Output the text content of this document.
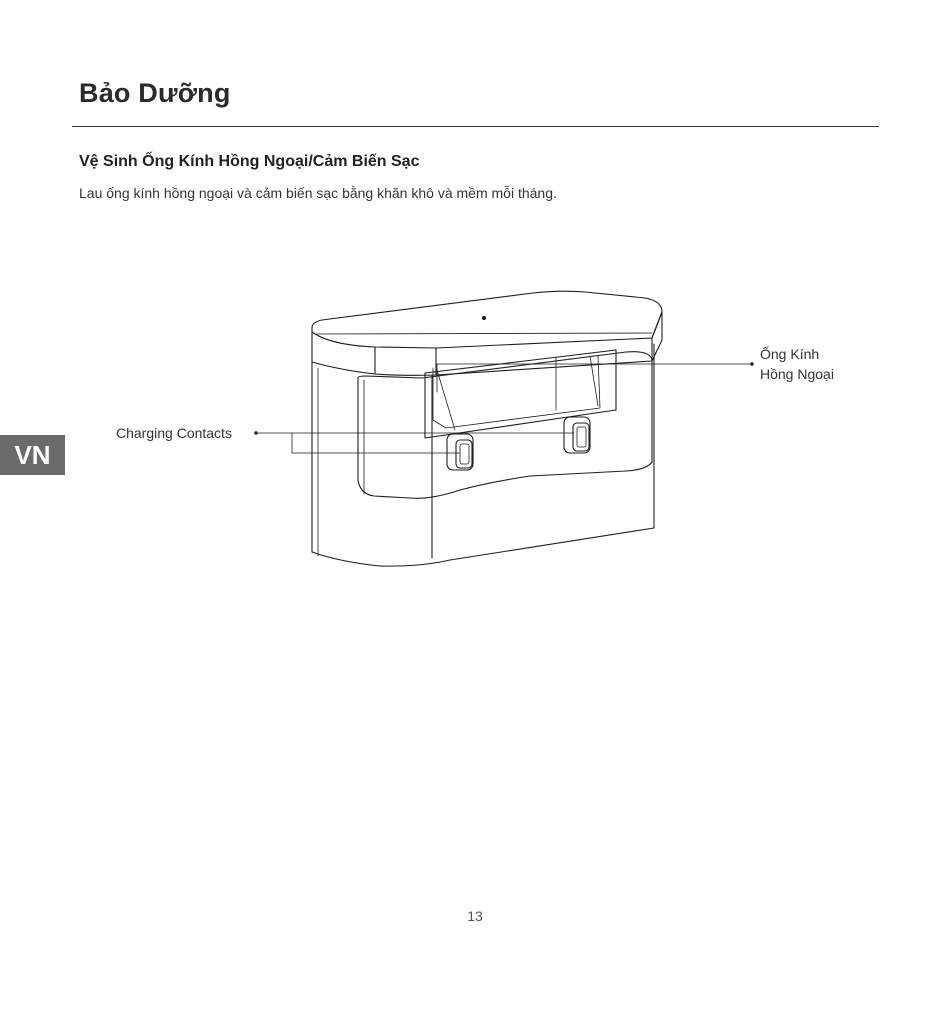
Bảo Dưỡng
Vệ Sinh Ống Kính Hồng Ngoại/Cảm Biến Sạc
Lau ống kính hồng ngoại và cảm biến sạc bằng khăn khô và mềm mỗi tháng.
VN
Charging Contacts
Ống Kính
Hồng Ngoại
13
